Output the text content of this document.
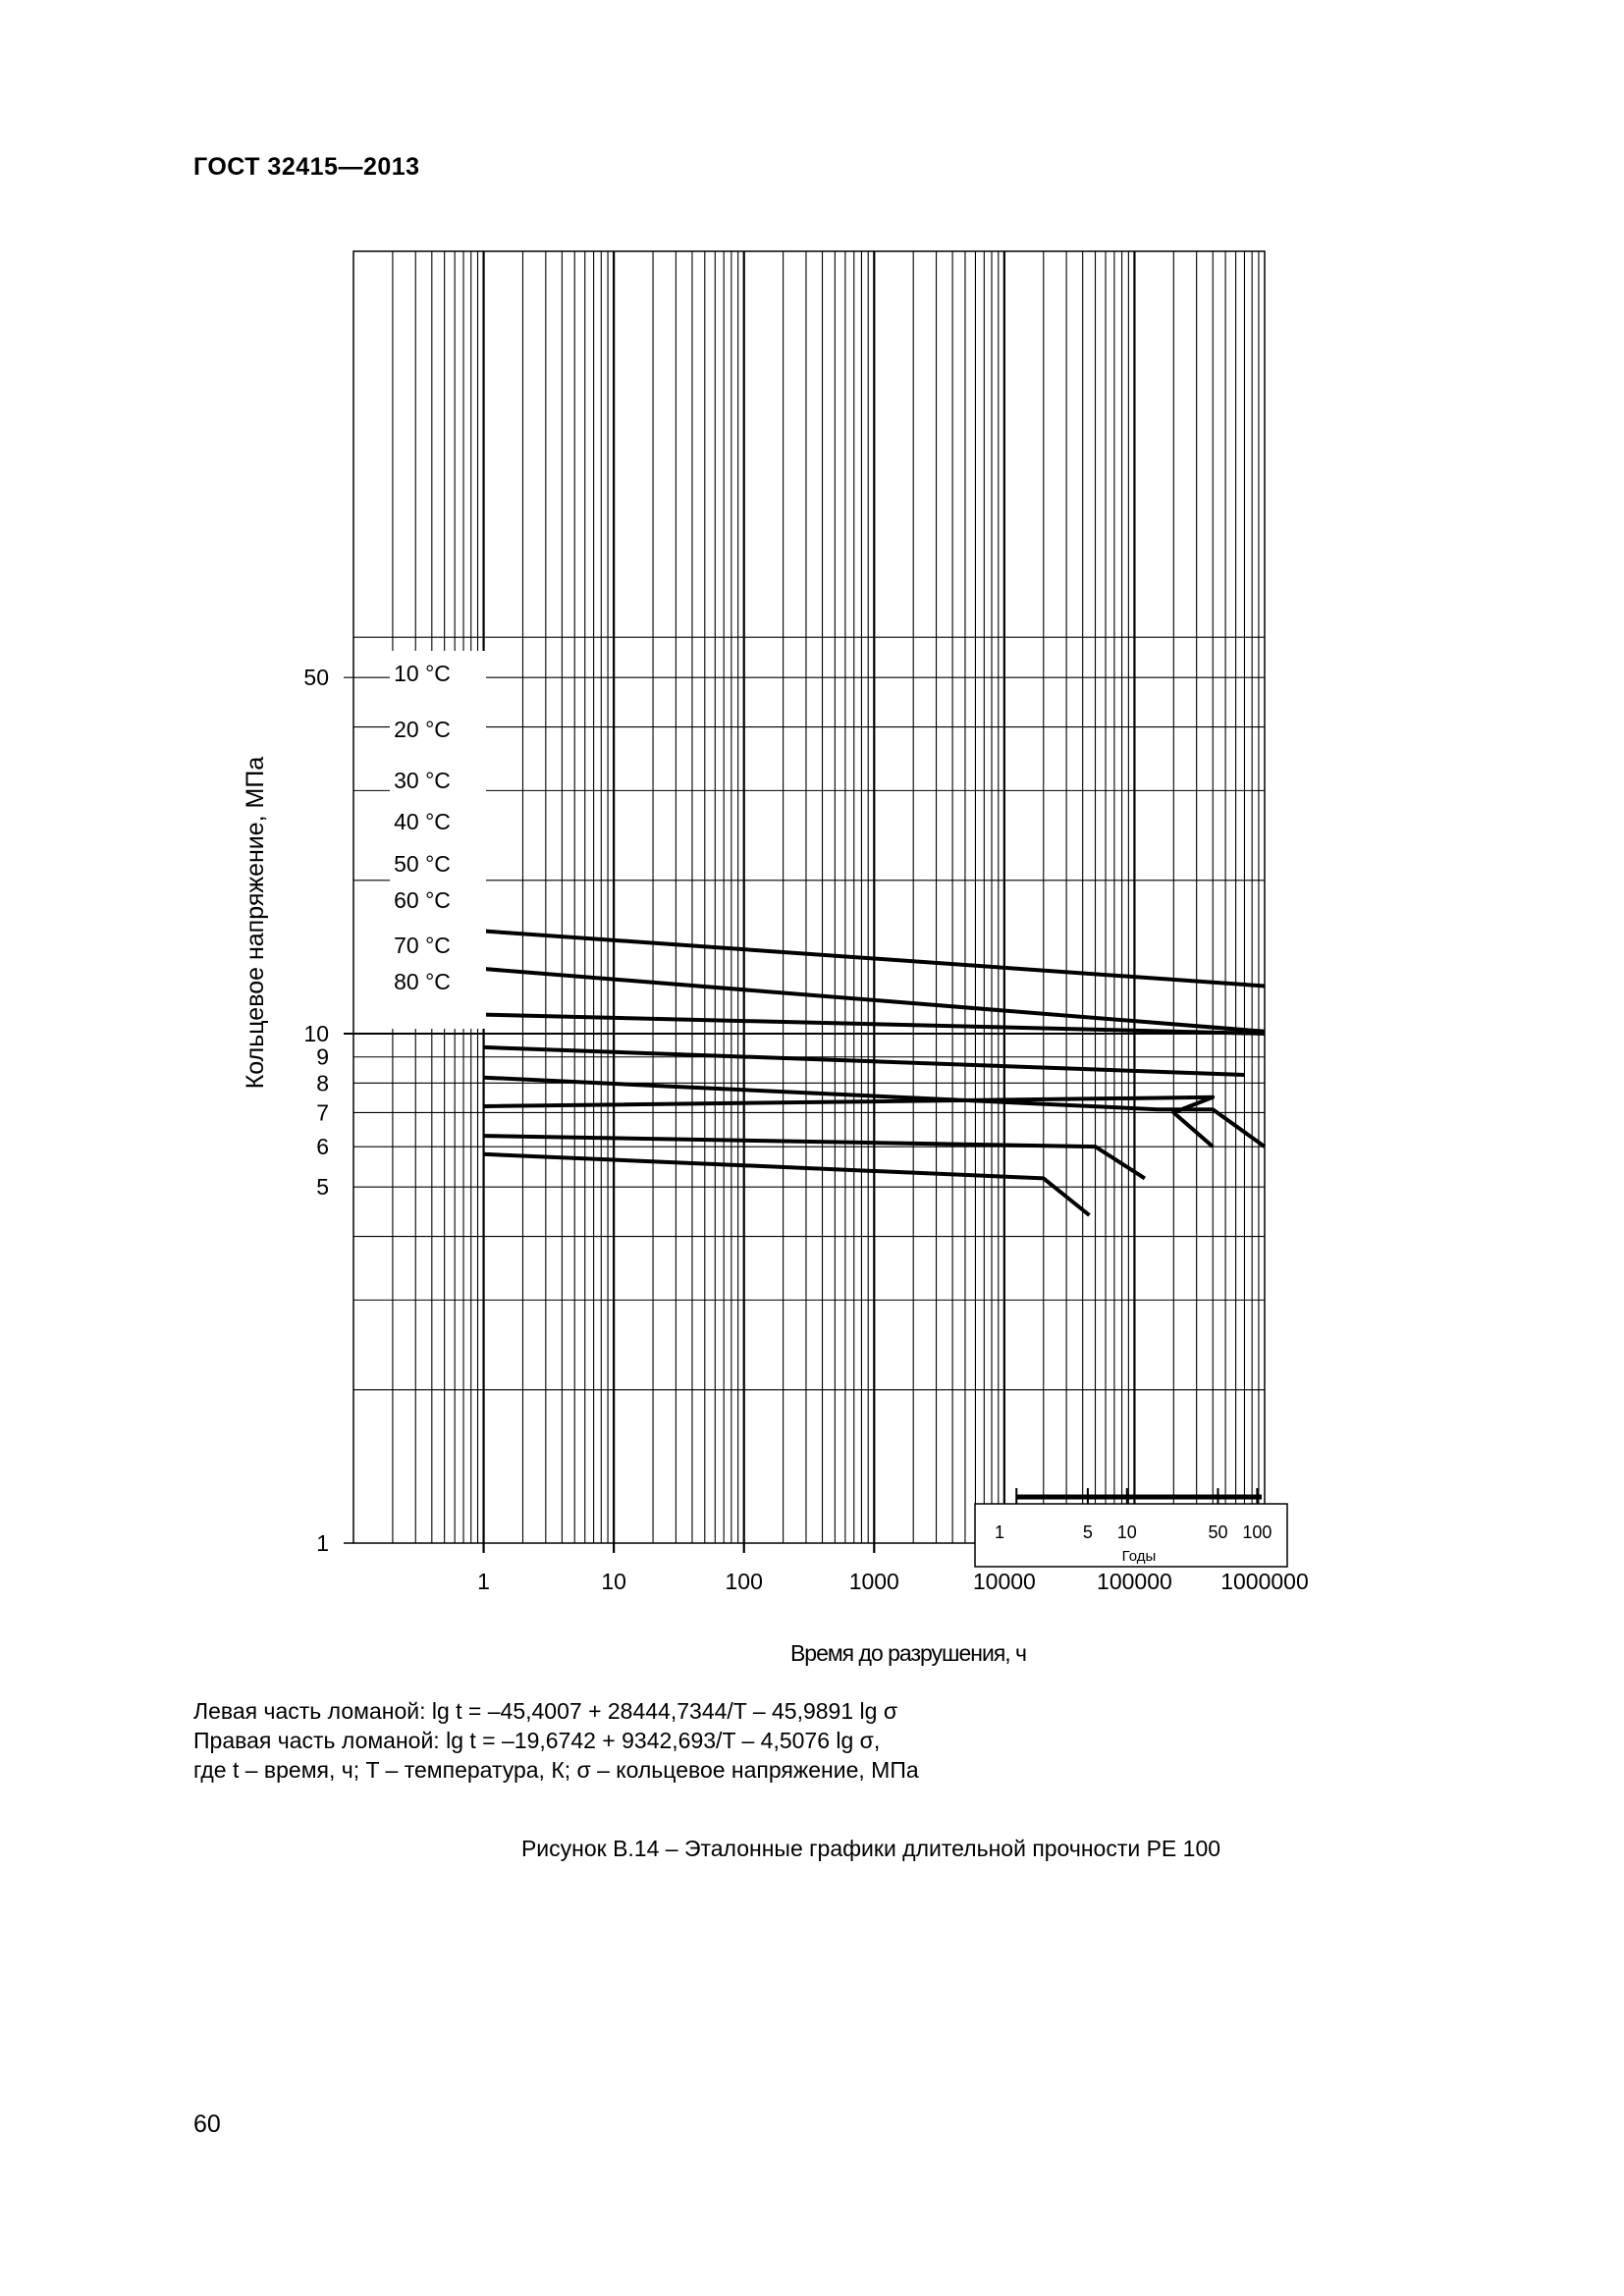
ГОСТ 32415—2013
10 °C
20 °C
30 °C
40 °C
50 °C
60 °C
70 °C
80 °C
1	10	100	1000	10000	100000 1000000
50
10
9
8
7
6
5
1	1	5 10	50 100
Годы
Кольцевое напряжение, МПа
Время до разрушения, ч
Левая часть ломаной: lg t = –45,4007 + 28444,7344/T – 45,9891 lg σ
Правая часть ломаной: lg t = –19,6742 + 9342,693/T – 4,5076 lg σ,
где t – время, ч; T – температура, К; σ – кольцевое напряжение, МПа
Рисунок В.14 – Эталонные графики длительной прочности PE 100
60
